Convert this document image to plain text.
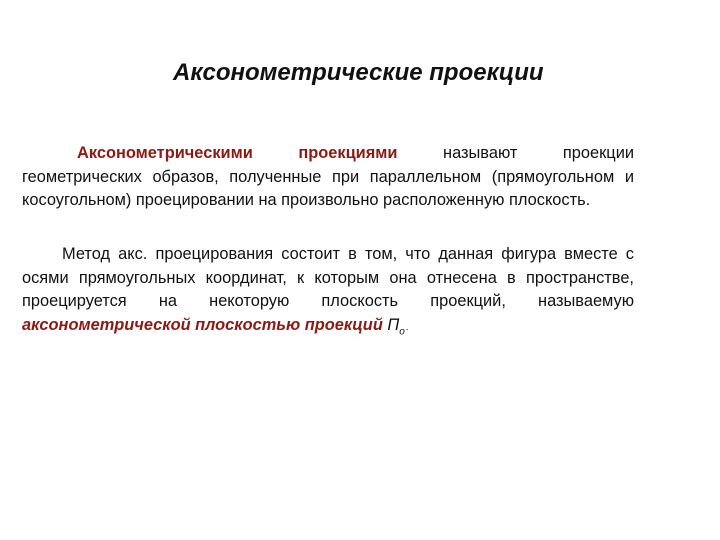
Аксонометрические проекции
Аксонометрическими проекциями называют проекции геометрических образов, полученные при параллельном (прямоугольном и косоугольном) проецировании на произвольно расположенную плоскость.
Метод акс. проецирования состоит в том, что данная фигура вместе с осями прямоугольных координат, к которым она отнесена в пространстве, проецируется на некоторую плоскость проекций, называемую аксонометрической плоскостью проекций $П_о$.
